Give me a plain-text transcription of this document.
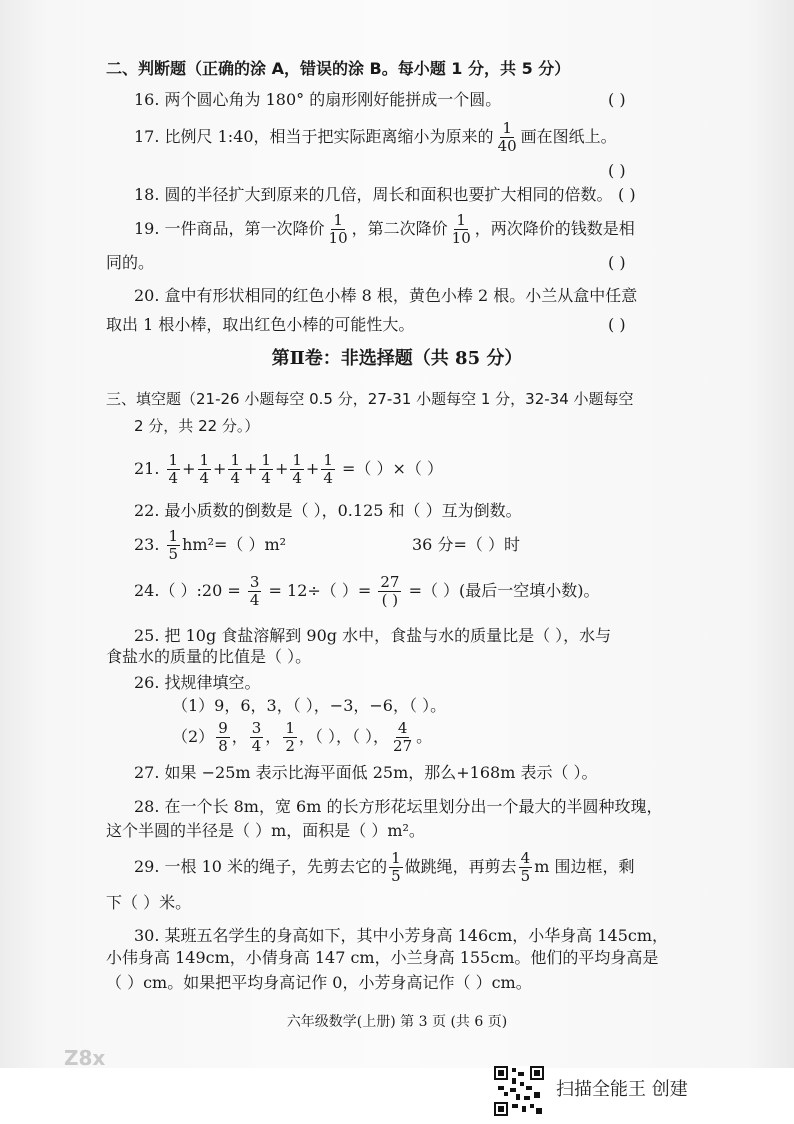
二、判断题（正确的涂 A，错误的涂 B。每小题 1 分，共 5 分）
16. 两个圆心角为 180° 的扇形刚好能拼成一个圆。	( )
17. 比例尺 1:40，相当于把实际距离缩小为原来的 $\frac{1}{40}$ 画在图纸上。
( )
18. 圆的半径扩大到原来的几倍，周长和面积也要扩大相同的倍数。 ( )
19. 一件商品，第一次降价 $\frac{1}{10}$ ，第二次降价 $\frac{1}{10}$ ，两次降价的钱数是相
同的。	( )
20. 盒中有形状相同的红色小棒 8 根，黄色小棒 2 根。小兰从盒中任意
取出 1 根小棒，取出红色小棒的可能性大。	( )
第Ⅱ卷：非选择题（共 85 分）
三、填空题（21-26 小题每空 0.5 分，27-31 小题每空 1 分，32-34 小题每空
2 分，共 22 分。）
21. $\frac{1}{4} + \frac{1}{4} + \frac{1}{4} + \frac{1}{4} + \frac{1}{4} + \frac{1}{4}$ =（ ）×（ ）
22. 最小质数的倒数是（ ），0.125 和（ ）互为倒数。
23. $\frac{1}{5} hm^2=$（ ）m²	36 分=（ ）时
24.（ ）:20 = $\frac{3}{4} = 12\div$（ ）= $\frac{27}{( )}$ =（ ）(最后一空填小数)。
25. 把 10g 食盐溶解到 90g 水中，食盐与水的质量比是（ ），水与
食盐水的质量的比值是（ ）。
26. 找规律填空。
（1）9，6，3，（ ），−3，−6，（ ）。
$(2) \frac{9}{8}$ ， $\frac{3}{4}$ ， $\frac{1}{2}$ ，（ ），（ ）， $\frac{4}{27}$ 。
27. 如果 −25m 表示比海平面低 25m，那么+168m 表示（ ）。
28. 在一个长 8m，宽 6m 的长方形花坛里划分出一个最大的半圆种玫瑰，
这个半圆的半径是（ ）m，面积是（ ）m²。
29. 一根 10 米的绳子，先剪去它的 $\frac{1}{5}$ 做跳绳，再剪去 $\frac{4}{5}$ m 围边框，剩
下（ ）米。
30. 某班五名学生的身高如下，其中小芳身高 146cm，小华身高 145cm，
小伟身高 149cm，小倩身高 147 cm，小兰身高 155cm。他们的平均身高是
（ ）cm。如果把平均身高记作 0，小芳身高记作（ ）cm。
六年级数学(上册) 第 3 页 (共 6 页)
Z8x
扫描全能王 创建
